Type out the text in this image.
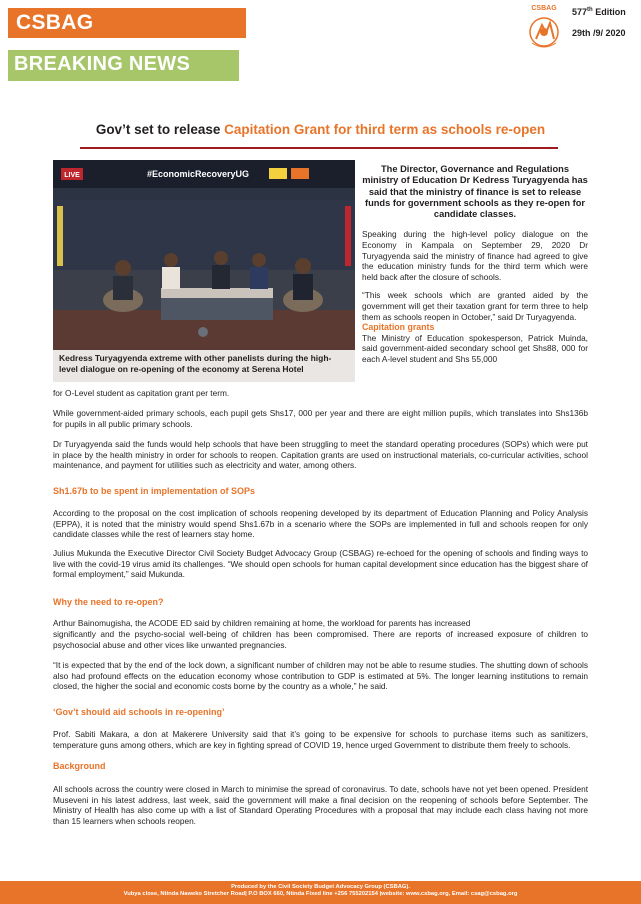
CSBAG
BREAKING NEWS
CSBAG	577th Edition
29th /9/ 2020
Gov’t set to release Capitation Grant for third term as schools re-open
LIVE	#EconomicRecoveryUG

Kedress Turyagyenda extreme with other panelists during the high-level dialogue on re-opening of the economy at Serena Hotel

The Director, Governance and Regulations ministry of Education Dr Kedress Turyagyenda has said that the ministry of finance is set to release funds for government schools as they re-open for candidate classes.

Speaking during the high-level policy dialogue on the Economy in Kampala on September 29, 2020 Dr Turyagyenda said the ministry of finance had agreed to give the education ministry funds for the third term which were held back after the closure of schools.

“This week schools which are granted aided by the government will get their taxation grant for term three to help them as schools reopen in October,” said Dr Turyagyenda.

Capitation grants

The Ministry of Education spokesperson, Patrick Muinda, said government-aided secondary school get Shs88, 000 for each A-level student and Shs 55,000

for O-Level student as capitation grant per term.
While government-aided primary schools, each pupil gets Shs17, 000 per year and there are eight million pupils, which translates into Shs136b for pupils in all public primary schools.
Dr Turyagyenda said the funds would help schools that have been struggling to meet the standard operating procedures (SOPs) which were put in place by the health ministry in order for schools to reopen. Capitation grants are used on instructional materials, co-curricular activities, school maintenance, and payment for utilities such as electricity and water, among others.
Sh1.67b to be spent in implementation of SOPs
According to the proposal on the cost implication of schools reopening developed by its department of Education Planning and Policy Analysis (EPPA), it is noted that the ministry would spend Shs1.67b in a scenario where the SOPs are implemented in full and schools reopen for only candidate classes while the rest of learners stay home.
Julius Mukunda the Executive Director Civil Society Budget Advocacy Group (CSBAG) re-echoed for the opening of schools and finding ways to live with the covid-19 virus amid its challenges. “We should open schools for human capital development since education has the biggest share of formal employment,” said Mukunda.
Why the need to re-open?
Arthur Bainomugisha, the ACODE ED said by children remaining at home, the workload for parents has increased
significantly and the psycho-social well-being of children has been compromised. There are reports of increased exposure of children to psychosocial abuse and other vices like unwanted pregnancies.
“It is expected that by the end of the lock down, a significant number of children may not be able to resume studies. The shutting down of schools also had profound effects on the education economy whose contribution to GDP is estimated at 5%. The longer learning institutions to remain closed, the higher the social and economic costs borne by the country as a whole,” he said.
‘Gov’t should aid schools in re-opening’
Prof. Sabiti Makara, a don at Makerere University said that it’s going to be expensive for schools to purchase items such as sanitizers, temperature guns among others, which are key in fighting spread of COVID 19, hence urged Government to distribute them freely to schools.
Background
All schools across the country were closed in March to minimise the spread of coronavirus. To date, schools have not yet been opened. President Museveni in his latest address, last week, said the government will make a final decision on the reopening of schools before September. The Ministry of Health has also come up with a list of Standard Operating Procedures with a proposal that may include each class having not more than 15 learners when schools reopen.
Produced by the Civil Society Budget Advocacy Group (CSBAG).
Vubya close, Ntinda Naweko Stretcher Road| P.O BOX 660, Ntinda Fixed line +256 755202154 |website: www.csbag.org, Email: csag@csbag.org
